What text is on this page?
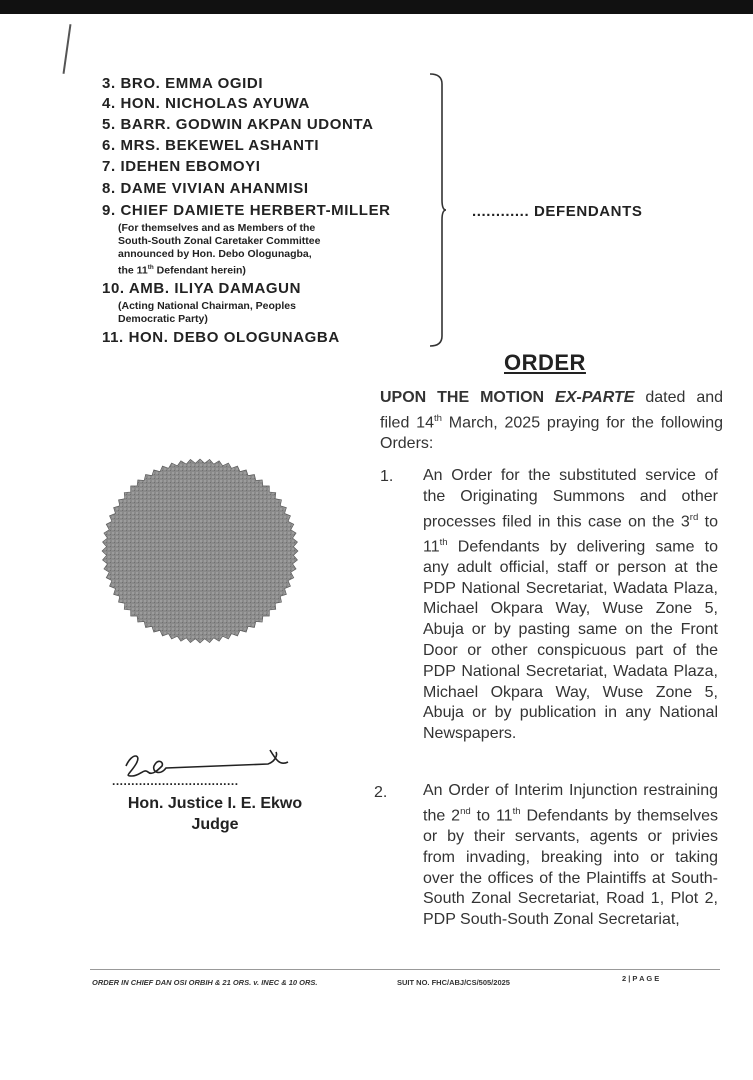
3. BRO. EMMA OGIDI
4. HON. NICHOLAS AYUWA
5. BARR. GODWIN AKPAN UDONTA
6. MRS. BEKEWEL ASHANTI
7. IDEHEN EBOMOYI
8. DAME VIVIAN AHANMISI
9. CHIEF DAMIETE HERBERT-MILLER
(For themselves and as Members of the
South-South Zonal Caretaker Committee
announced by Hon. Debo Ologunagba,
the 11th Defendant herein)
10. AMB. ILIYA DAMAGUN
(Acting National Chairman, Peoples
Democratic Party)
11. HON. DEBO OLOGUNAGBA
............ DEFENDANTS
ORDER
UPON THE MOTION EX-PARTE dated and filed 14th March, 2025 praying for the following Orders:
1. An Order for the substituted service of the Originating Summons and other processes filed in this case on the 3rd to 11th Defendants by delivering same to any adult official, staff or person at the PDP National Secretariat, Wadata Plaza, Michael Okpara Way, Wuse Zone 5, Abuja or by pasting same on the Front Door or other conspicuous part of the PDP National Secretariat, Wadata Plaza, Michael Okpara Way, Wuse Zone 5, Abuja or by publication in any National Newspapers.
2. An Order of Interim Injunction restraining the 2nd to 11th Defendants by themselves or by their servants, agents or privies from invading, breaking into or taking over the offices of the Plaintiffs at South-South Zonal Secretariat, Road 1, Plot 2, PDP South-South Zonal Secretariat,
.................................
Hon. Justice I. E. Ekwo
Judge
ORDER IN CHIEF DAN OSI ORBIH & 21 ORS. v. INEC & 10 ORS.	SUIT NO. FHC/ABJ/CS/505/2025	2 | P A G E
